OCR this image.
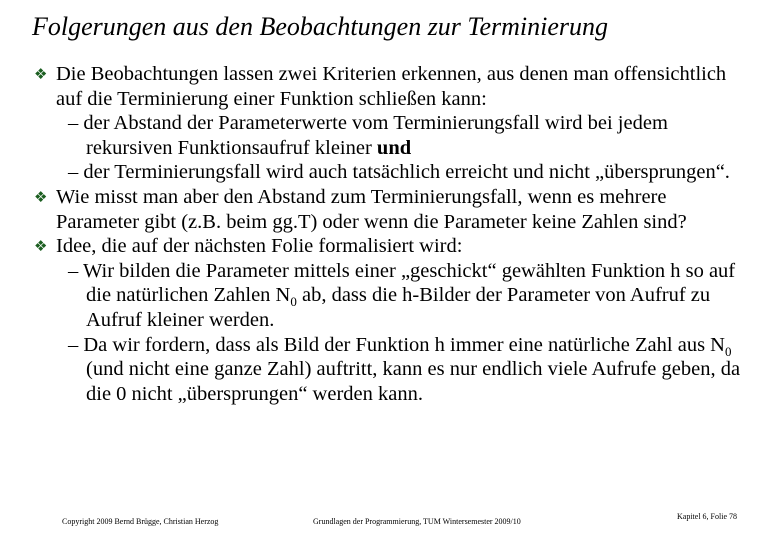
Folgerungen aus den Beobachtungen zur Terminierung
❖ Die Beobachtungen lassen zwei Kriterien erkennen, aus denen man offensichtlich auf die Terminierung einer Funktion schließen kann:
– der Abstand der Parameterwerte vom Terminierungsfall wird bei jedem rekursiven Funktionsaufruf kleiner und
– der Terminierungsfall wird auch tatsächlich erreicht und nicht „übersprungen“.
❖ Wie misst man aber den Abstand zum Terminierungsfall, wenn es mehrere Parameter gibt (z.B. beim gg.T) oder wenn die Parameter keine Zahlen sind?
❖ Idee, die auf der nächsten Folie formalisiert wird:
– Wir bilden die Parameter mittels einer „geschickt“ gewählten Funktion h so auf die natürlichen Zahlen $N_0$ ab, dass die h-Bilder der Parameter von Aufruf zu Aufruf kleiner werden.
– Da wir fordern, dass als Bild der Funktion h immer eine natürliche Zahl aus $N_0$ (und nicht eine ganze Zahl) auftritt, kann es nur endlich viele Aufrufe geben, da die 0 nicht „übersprungen“ werden kann.
Copyright 2009 Bernd Brügge, Christian Herzog	Grundlagen der Programmierung, TUM Wintersemester 2009/10
Kapitel 6, Folie 78
